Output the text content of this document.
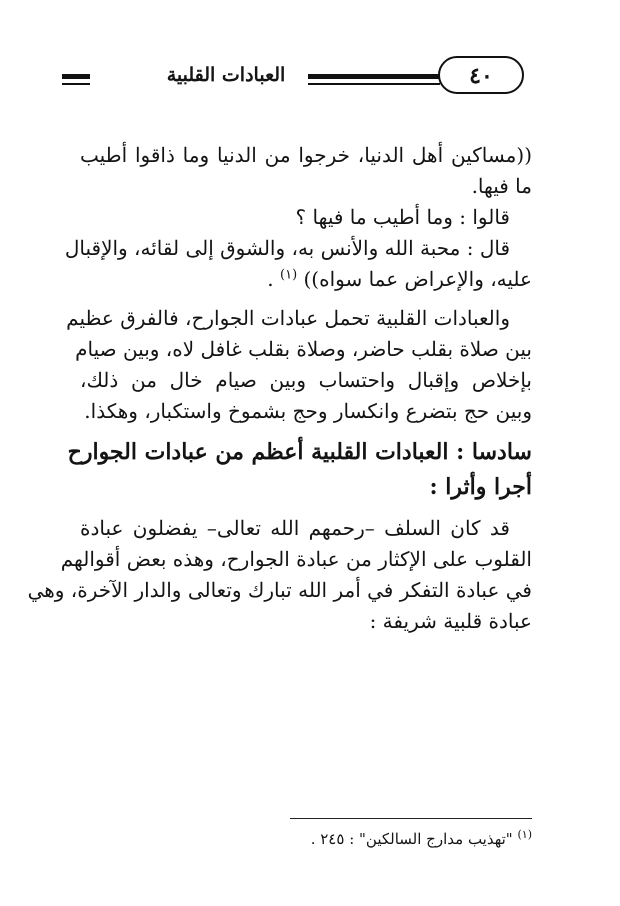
العبادات القلبية	٤٠
((مساكين أهل الدنيا، خرجوا من الدنيا وما ذاقوا أطيب
ما فيها.
قالوا : وما أطيب ما فيها ؟
قال : محبة الله والأنس به، والشوق إلى لقائه، والإقبال
عليه، والإعراض عما سواه)) $^{(١)}$ .
والعبادات القلبية تحمل عبادات الجوارح، فالفرق عظيم
بين صلاة بقلب حاضر، وصلاة بقلب غافل لاه، وبين صيام
بإخلاص وإقبال واحتساب وبين صيام خال من ذلك،
وبين حج بتضرع وانكسار وحج بشموخ واستكبار، وهكذا.
سادسا : العبادات القلبية أعظم من عبادات الجوارح
أجرا وأثرا :
قد كان السلف –رحمهم الله تعالى– يفضلون عبادة
القلوب على الإكثار من عبادة الجوارح، وهذه بعض أقوالهم
في عبادة التفكر في أمر الله تبارك وتعالى والدار الآخرة، وهي
عبادة قلبية شريفة :
$^{(١)}$ "تهذيب مدارج السالكين" : ٢٤٥ .
